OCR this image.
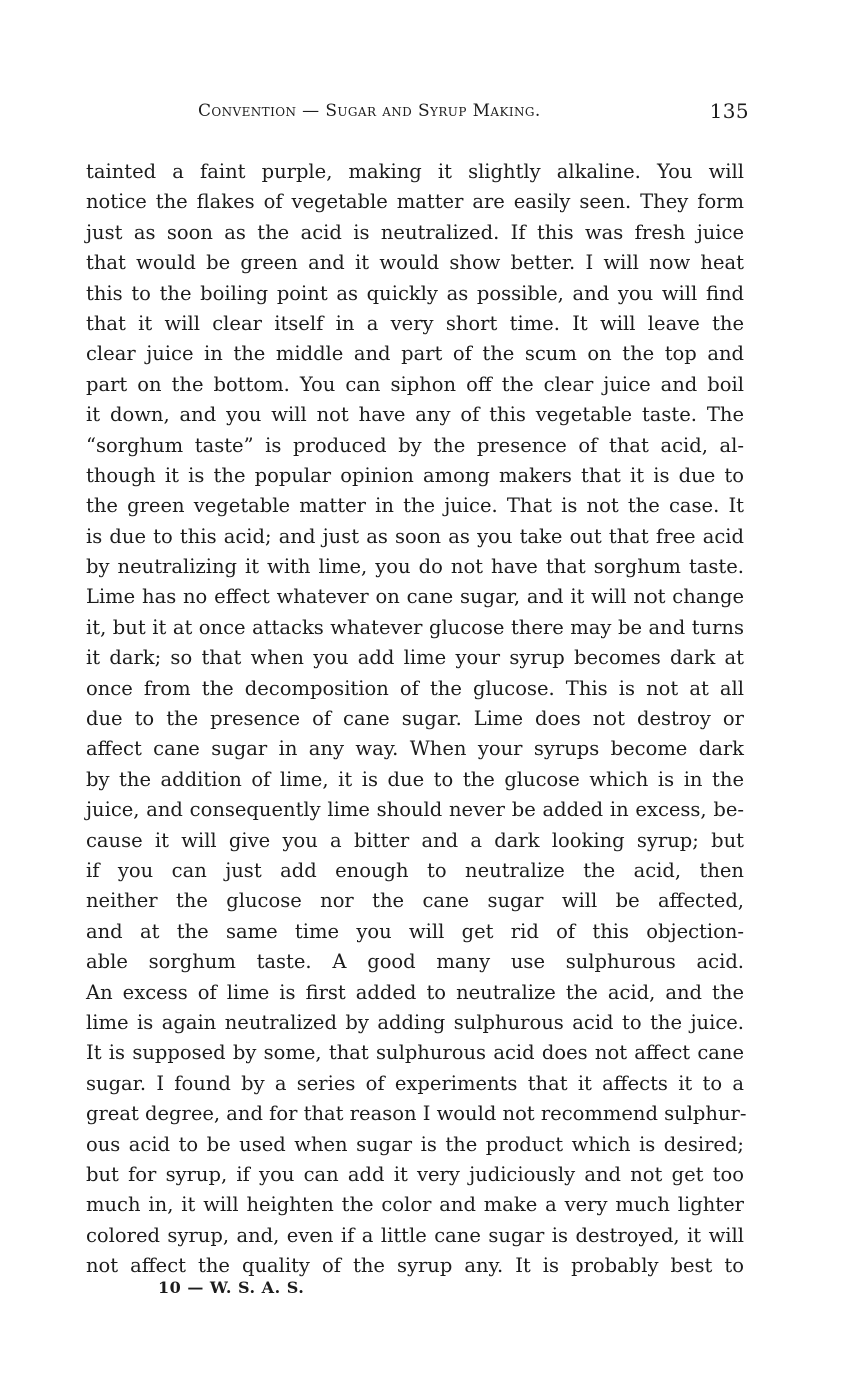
Convention — Sugar and Syrup Making.	135
tainted a faint purple, making it slightly alkaline. You will
notice the flakes of vegetable matter are easily seen. They form
just as soon as the acid is neutralized. If this was fresh juice
that would be green and it would show better. I will now heat
this to the boiling point as quickly as possible, and you will find
that it will clear itself in a very short time. It will leave the
clear juice in the middle and part of the scum on the top and
part on the bottom. You can siphon off the clear juice and boil
it down, and you will not have any of this vegetable taste. The
“sorghum taste” is produced by the presence of that acid, al-
though it is the popular opinion among makers that it is due to
the green vegetable matter in the juice. That is not the case. It
is due to this acid; and just as soon as you take out that free acid
by neutralizing it with lime, you do not have that sorghum taste.
Lime has no effect whatever on cane sugar, and it will not change
it, but it at once attacks whatever glucose there may be and turns
it dark; so that when you add lime your syrup becomes dark at
once from the decomposition of the glucose. This is not at all
due to the presence of cane sugar. Lime does not destroy or
affect cane sugar in any way. When your syrups become dark
by the addition of lime, it is due to the glucose which is in the
juice, and consequently lime should never be added in excess, be-
cause it will give you a bitter and a dark looking syrup; but
if you can just add enough to neutralize the acid, then
neither the glucose nor the cane sugar will be affected,
and at the same time you will get rid of this objection-
able sorghum taste. A good many use sulphurous acid.
An excess of lime is first added to neutralize the acid, and the
lime is again neutralized by adding sulphurous acid to the juice.
It is supposed by some, that sulphurous acid does not affect cane
sugar. I found by a series of experiments that it affects it to a
great degree, and for that reason I would not recommend sulphur-
ous acid to be used when sugar is the product which is desired;
but for syrup, if you can add it very judiciously and not get too
much in, it will heighten the color and make a very much lighter
colored syrup, and, even if a little cane sugar is destroyed, it will
not affect the quality of the syrup any. It is probably best to
10 — W. S. A. S.
